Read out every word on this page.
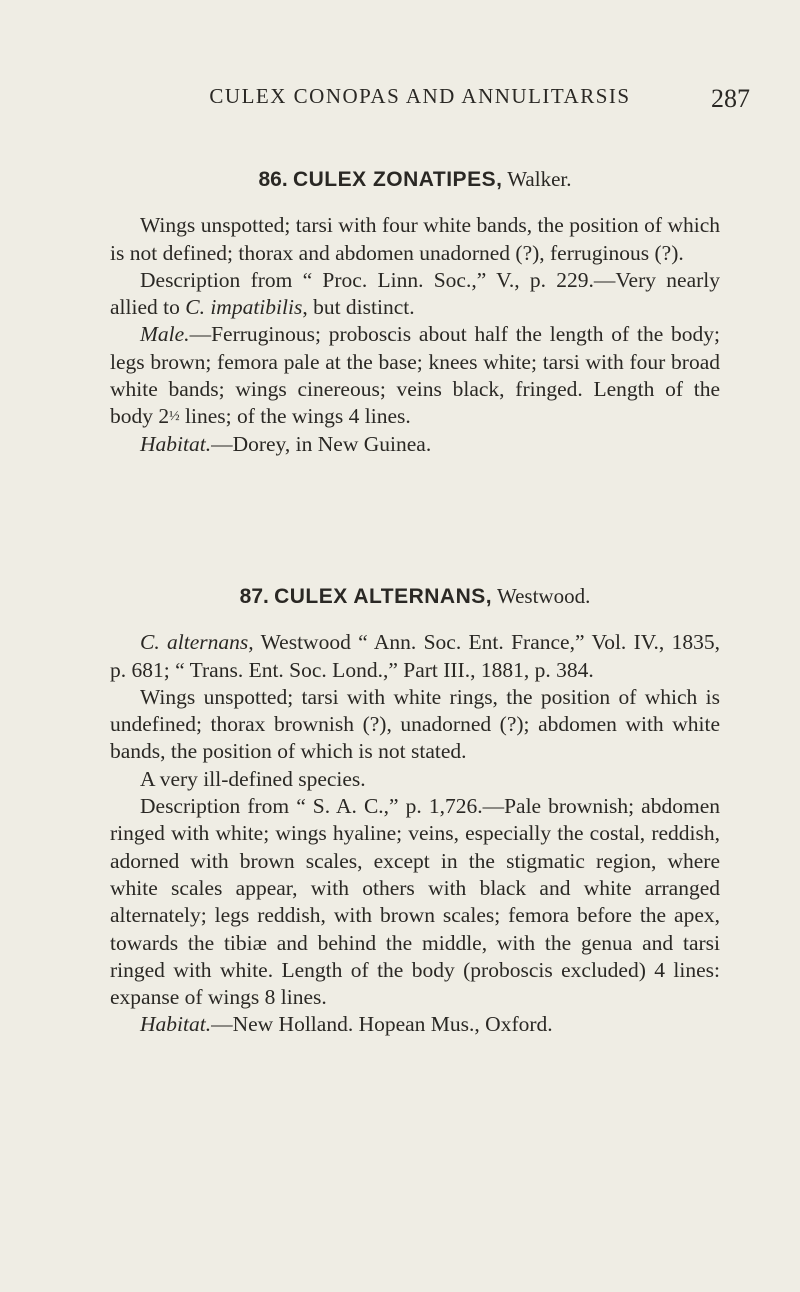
CULEX CONOPAS AND ANNULITARSIS	287
86. CULEX ZONATIPES, Walker.

Wings unspotted; tarsi with four white bands, the position of which is not defined; thorax and abdomen unadorned (?), ferruginous (?).

Description from “ Proc. Linn. Soc.,” V., p. 229.—Very nearly allied to C. impatibilis, but distinct.

Male.—Ferruginous; proboscis about half the length of the body; legs brown; femora pale at the base; knees white; tarsi with four broad white bands; wings cinereous; veins black, fringed. Length of the body 2½ lines; of the wings 4 lines.

Habitat.—Dorey, in New Guinea.

87. CULEX ALTERNANS, Westwood.

C. alternans, Westwood “ Ann. Soc. Ent. France,” Vol. IV., 1835, p. 681; “ Trans. Ent. Soc. Lond.,” Part III., 1881, p. 384.

Wings unspotted; tarsi with white rings, the position of which is undefined; thorax brownish (?), unadorned (?); abdomen with white bands, the position of which is not stated.

A very ill-defined species.

Description from “ S. A. C.,” p. 1,726.—Pale brownish; abdomen ringed with white; wings hyaline; veins, especially the costal, reddish, adorned with brown scales, except in the stigmatic region, where white scales appear, with others with black and white arranged alternately; legs reddish, with brown scales; femora before the apex, towards the tibiæ and behind the middle, with the genua and tarsi ringed with white. Length of the body (proboscis excluded) 4 lines: expanse of wings 8 lines.

Habitat.—New Holland. Hopean Mus., Oxford.
